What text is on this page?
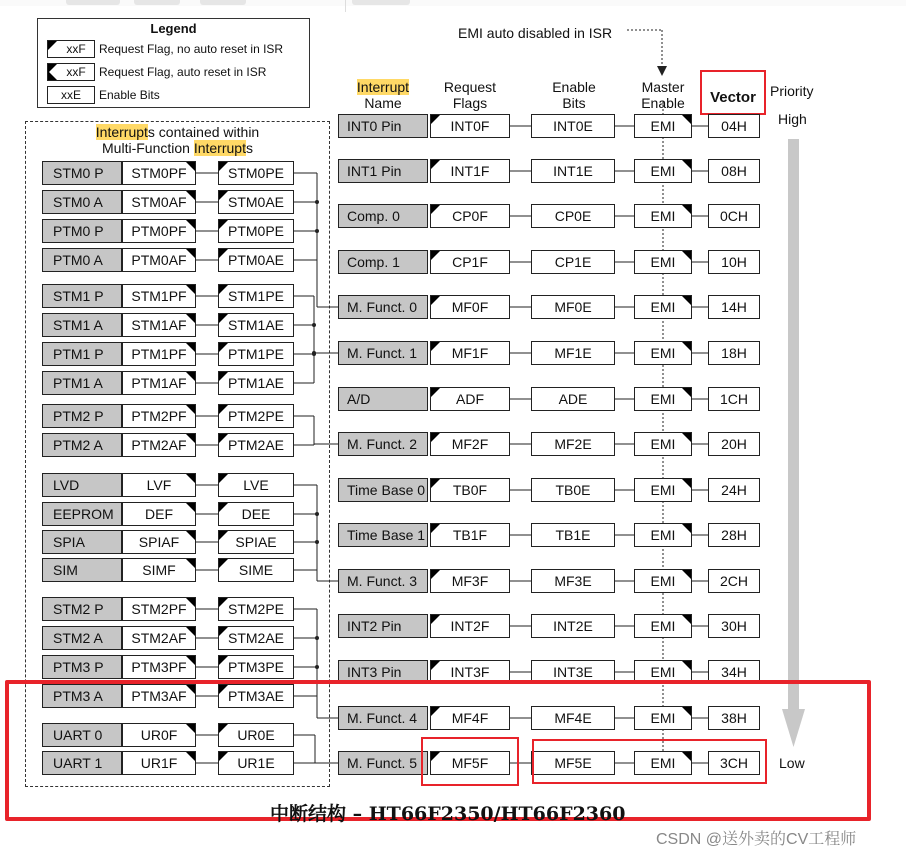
Legend
xxF	Request Flag, no auto reset in ISR
xxF	Request Flag, auto reset in ISR
xxE	Enable Bits
EMI auto disabled in ISR
Interrupt
Name
Request
Flags
Enable
Bits
Master
Enable	Vector	Priority
High
Low
Interrupts contained within
Multi-Function Interrupts
STM0 P	STM0PF	STM0PE
STM0 A	STM0AF	STM0AE
PTM0 P	PTM0PF	PTM0PE
PTM0 A	PTM0AF	PTM0AE
STM1 P	STM1PF	STM1PE
STM1 A	STM1AF	STM1AE
PTM1 P	PTM1PF	PTM1PE
PTM1 A	PTM1AF	PTM1AE
PTM2 P	PTM2PF	PTM2PE
PTM2 A	PTM2AF	PTM2AE
LVD	LVF	LVE
EEPROM	DEF	DEE
SPIA	SPIAF	SPIAE
SIM	SIMF	SIME
STM2 P	STM2PF	STM2PE
STM2 A	STM2AF	STM2AE
PTM3 P	PTM3PF	PTM3PE
PTM3 A	PTM3AF	PTM3AE
UART 0	UR0F	UR0E
UART 1	UR1F	UR1E
INT0 Pin	INT0F	INT0E	EMI	04H
INT1 Pin	INT1F	INT1E	EMI	08H
Comp. 0	CP0F	CP0E	EMI	0CH
Comp. 1	CP1F	CP1E	EMI	10H
M. Funct. 0	MF0F	MF0E	EMI	14H
M. Funct. 1	MF1F	MF1E	EMI	18H
A/D	ADF	ADE	EMI	1CH
M. Funct. 2	MF2F	MF2E	EMI	20H
Time Base 0	TB0F	TB0E	EMI	24H
Time Base 1	TB1F	TB1E	EMI	28H
M. Funct. 3	MF3F	MF3E	EMI	2CH
INT2 Pin	INT2F	INT2E	EMI	30H
INT3 Pin	INT3F	INT3E	EMI	34H
M. Funct. 4	MF4F	MF4E	EMI	38H
M. Funct. 5	MF5F	MF5E	EMI	3CH
中断结构 – HT66F2350/HT66F2360
CSDN @送外卖的CV工程师
